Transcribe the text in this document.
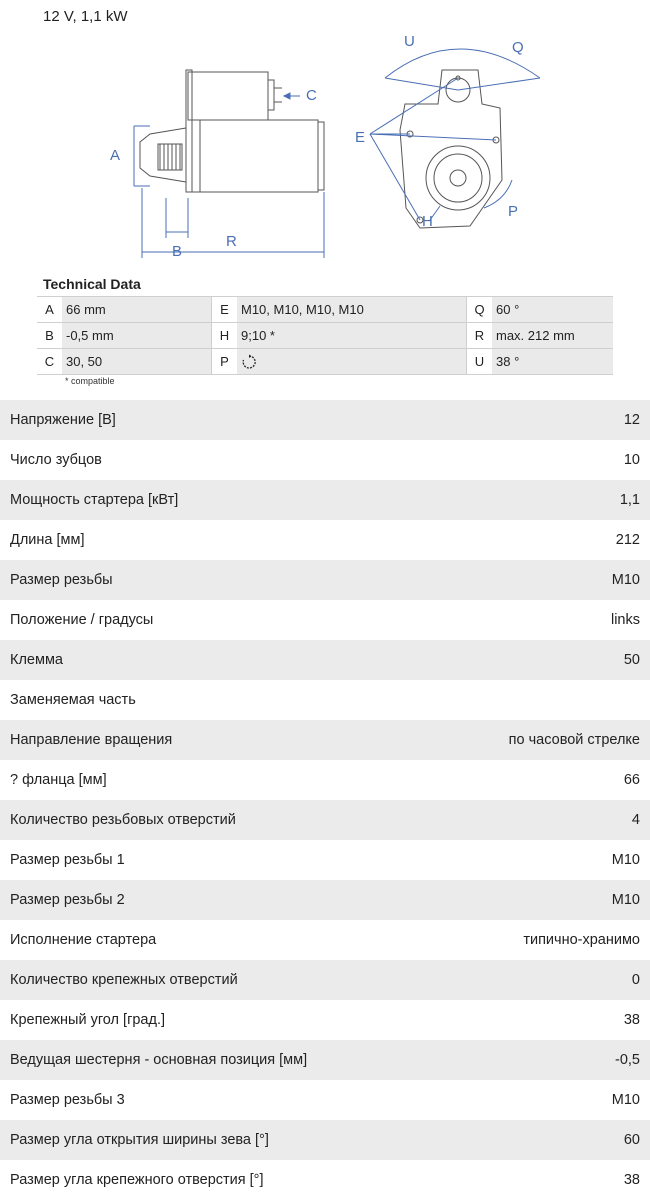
12 V, 1,1 kW
A
B
C
E
H
P
Q
R
U
Technical Data
A	66 mm	E	M10, M10, M10, M10	Q	60 °
B	-0,5 mm	H	9;10 *	R	max. 212 mm
C	30, 50	P		U	38 °
* compatible
Напряжение [В]	12
Число зубцов	10
Мощность стартера [кВт]	1,1
Длина [мм]	212
Размер резьбы	M10
Положение / градусы	links
Клемма	50
Заменяемая часть
Направление вращения	по часовой стрелке
? фланца [мм]	66
Количество резьбовых отверстий	4
Размер резьбы 1	M10
Размер резьбы 2	M10
Исполнение стартера	типично-хранимо
Количество крепежных отверстий	0
Крепежный угол [град.]	38
Ведущая шестерня - основная позиция [мм]	-0,5
Размер резьбы 3	M10
Размер угла открытия ширины зева [°]	60
Размер угла крепежного отверстия [°]	38
